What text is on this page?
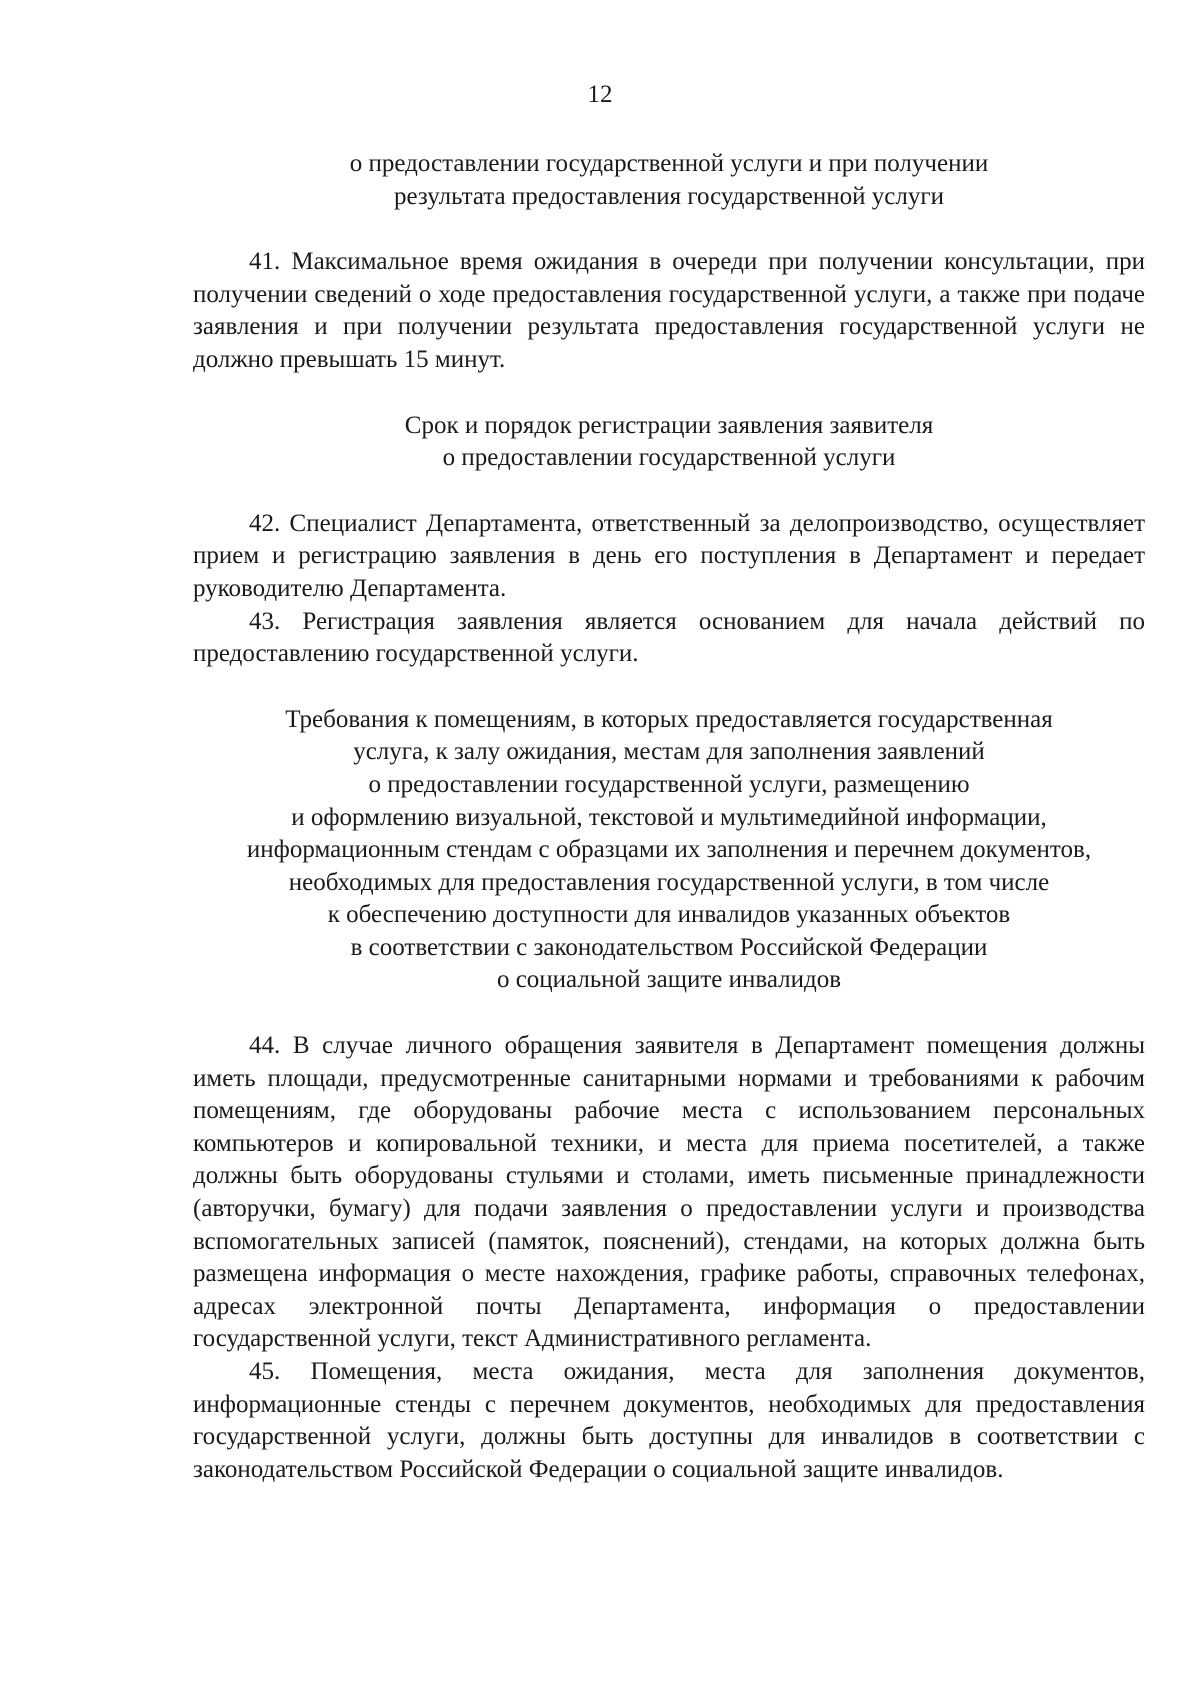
12
о предоставлении государственной услуги и при получении
результата предоставления государственной услуги

41. Максимальное время ожидания в очереди при получении консультации, при получении сведений о ходе предоставления государственной услуги, а также при подаче заявления и при получении результата предоставления государственной услуги не должно превышать 15 минут.

Срок и порядок регистрации заявления заявителя
о предоставлении государственной услуги

42. Специалист Департамента, ответственный за делопроизводство, осуществляет прием и регистрацию заявления в день его поступления в Департамент и передает руководителю Департамента.

43. Регистрация заявления является основанием для начала действий по предоставлению государственной услуги.

Требования к помещениям, в которых предоставляется государственная
услуга, к залу ожидания, местам для заполнения заявлений
о предоставлении государственной услуги, размещению
и оформлению визуальной, текстовой и мультимедийной информации,
информационным стендам с образцами их заполнения и перечнем документов,
необходимых для предоставления государственной услуги, в том числе
к обеспечению доступности для инвалидов указанных объектов
в соответствии с законодательством Российской Федерации
о социальной защите инвалидов

44. В случае личного обращения заявителя в Департамент помещения должны иметь площади, предусмотренные санитарными нормами и требованиями к рабочим помещениям, где оборудованы рабочие места с использованием персональных компьютеров и копировальной техники, и места для приема посетителей, а также должны быть оборудованы стульями и столами, иметь письменные принадлежности (авторучки, бумагу) для подачи заявления о предоставлении услуги и производства вспомогательных записей (памяток, пояснений), стендами, на которых должна быть размещена информация о месте нахождения, графике работы, справочных телефонах, адресах электронной почты Департамента, информация о предоставлении государственной услуги, текст Административного регламента.

45. Помещения, места ожидания, места для заполнения документов, информационные стенды с перечнем документов, необходимых для предоставления государственной услуги, должны быть доступны для инвалидов в соответствии с законодательством Российской Федерации о социальной защите инвалидов.
